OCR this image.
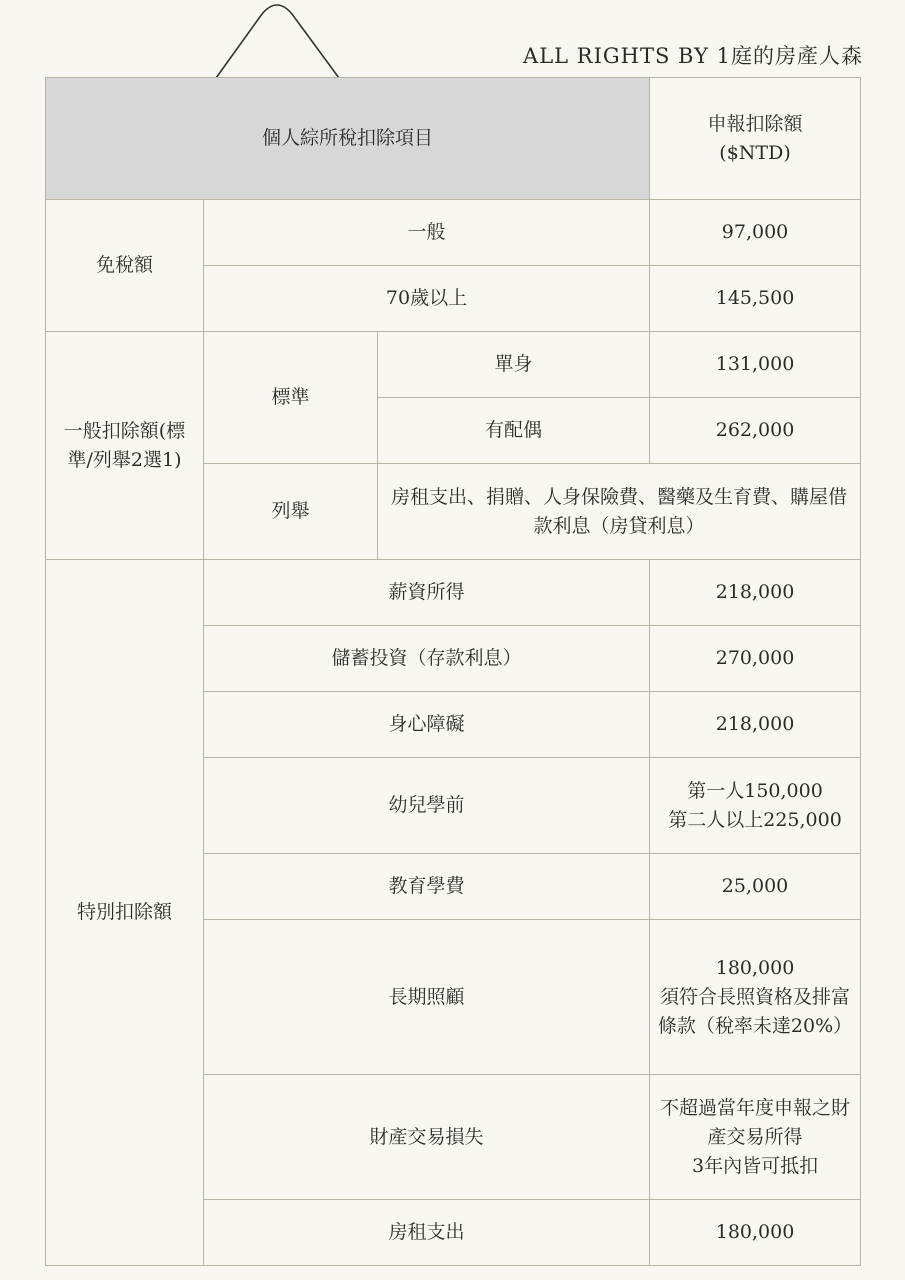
ALL RIGHTS BY 1庭的房產人森
個人綜所稅扣除項目			申報扣除額
($NTD)
免稅額	一般		97,000
	70歲以上		145,500
一般扣除額(標準/列舉2選1)	標準	單身	131,000
		有配偶	262,000
	列舉	房租支出、捐贈、人身保險費、醫藥及生育費、購屋借款利息（房貸利息）	
特別扣除額	薪資所得		218,000
	儲蓄投資（存款利息）		270,000
	身心障礙		218,000
	幼兒學前		第一人150,000
第二人以上225,000
	教育學費		25,000
	長期照顧		180,000
須符合長照資格及排富條款（稅率未達20%）
	財產交易損失		不超過當年度申報之財產交易所得
3年內皆可抵扣
	房租支出		180,000
